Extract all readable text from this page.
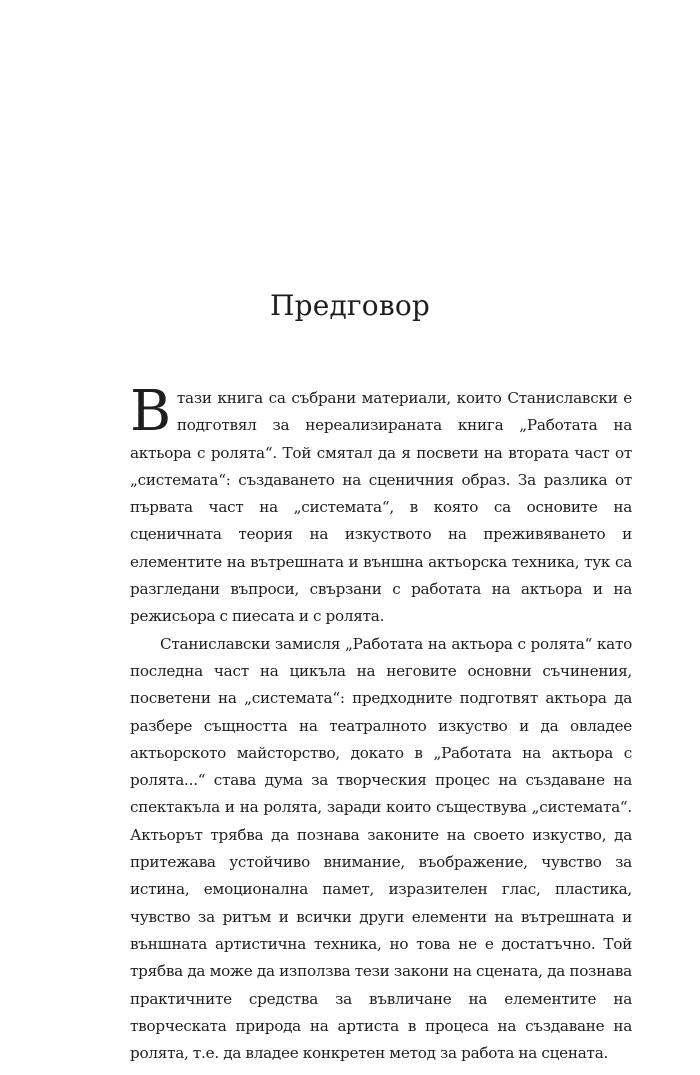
Предговор

Втази книга са събрани материали, които Станиславски е подготвял за нереализираната книга „Работата на актьора с ролята“. Той смятал да я посвети на втората част от „системата“: създаването на сценичния образ. За разлика от първата част на „системата“, в която са основите на сценичната теория на изкуството на преживяването и елементите на вътрешната и външна актьорска техника, тук са разгледани въпроси, свързани с работата на актьора и на режисьора с пиесата и с ролята.

Станиславски замисля „Работата на актьора с ролята“ като последна част на цикъла на неговите основни съчинения, посветени на „системата“: предходните подготвят актьора да разбере същността на театралното изкуство и да овладее актьорското майсторство, докато в „Работата на актьора с ролята...“ става дума за творческия процес на създаване на спектакъла и на ролята, заради които съществува „системата“. Актьорът трябва да познава законите на своето изкуство, да притежава устойчиво внимание, въображение, чувство за истина, емоционална памет, изразителен глас, пластика, чувство за ритъм и всички други елементи на вътрешната и външната артистична техника, но това не е достатъчно. Той трябва да може да използва тези закони на сцената, да познава практичните средства за въвличане на елементите на творческата природа на артиста в процеса на създаване на ролята, т.е. да владее конкретен метод за работа на сцената.
